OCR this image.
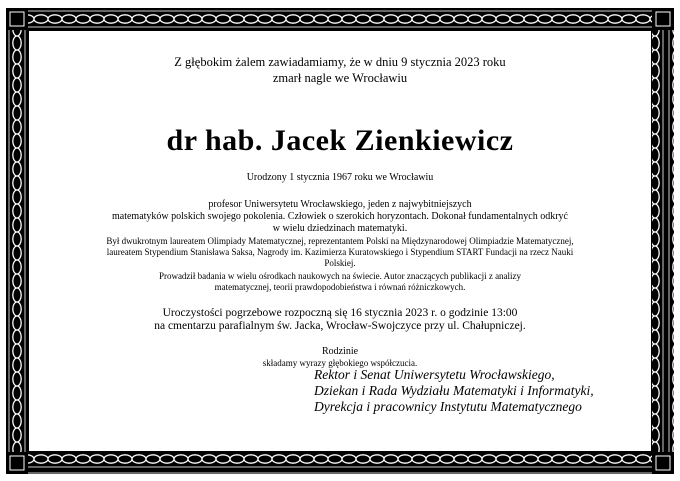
Z głębokim żalem zawiadamiamy, że w dniu 9 stycznia 2023 roku
zmarł nagle we Wrocławiu
dr hab. Jacek Zienkiewicz
Urodzony 1 stycznia 1967 roku we Wrocławiu
profesor Uniwersytetu Wrocławskiego, jeden z najwybitniejszych
matematyków polskich swojego pokolenia. Człowiek o szerokich horyzontach. Dokonał fundamentalnych odkryć
w wielu dziedzinach matematyki.
Był dwukrotnym laureatem Olimpiady Matematycznej, reprezentantem Polski na Międzynarodowej Olimpiadzie Matematycznej,
laureatem Stypendium Stanisława Saksa, Nagrody im. Kazimierza Kuratowskiego i Stypendium START Fundacji na rzecz Nauki
Polskiej.
Prowadził badania w wielu ośrodkach naukowych na świecie. Autor znaczących publikacji z analizy
matematycznej, teorii prawdopodobieństwa i równań różniczkowych.
Uroczystości pogrzebowe rozpoczną się 16 stycznia 2023 r. o godzinie 13:00
na cmentarzu parafialnym św. Jacka, Wrocław-Swojczyce przy ul. Chałupniczej.
Rodzinie
składamy wyrazy głębokiego współczucia.
Rektor i Senat Uniwersytetu Wrocławskiego,
Dziekan i Rada Wydziału Matematyki i Informatyki,
Dyrekcja i pracownicy Instytutu Matematycznego
